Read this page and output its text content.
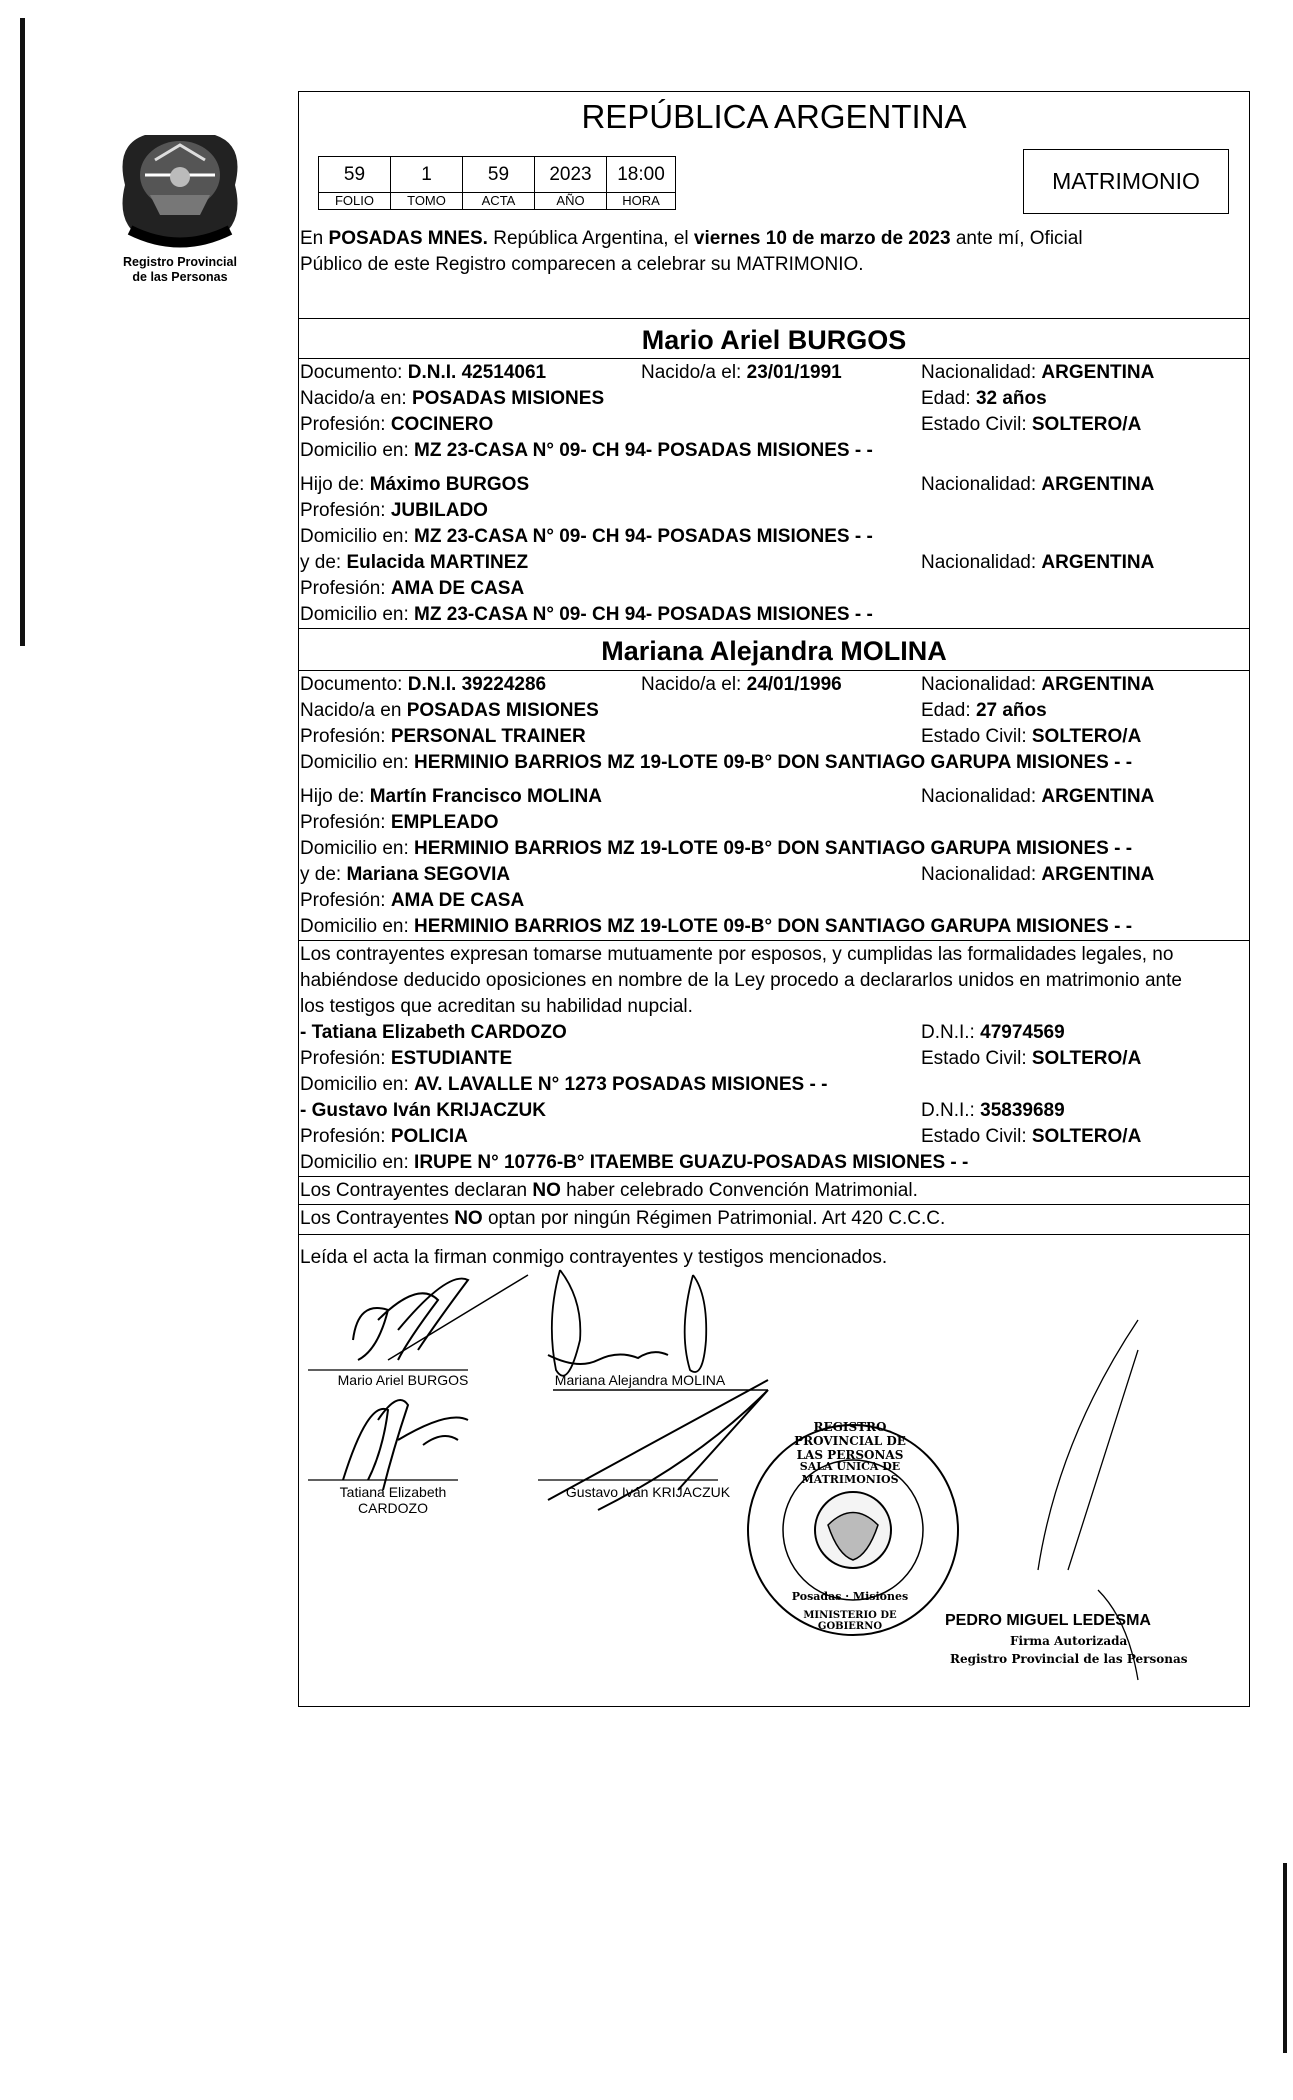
Registro Provincial
de las Personas
REPÚBLICA ARGENTINA
59	1	59	2023	18:00
FOLIO	TOMO	ACTA	AÑO	HORA
MATRIMONIO
En POSADAS MNES. República Argentina, el viernes 10 de marzo de 2023 ante mí, Oficial
Público de este Registro comparecen a celebrar su MATRIMONIO.
Mario Ariel BURGOS
Documento: D.N.I. 42514061	Nacido/a el: 23/01/1991	Nacionalidad: ARGENTINA
Nacido/a en: POSADAS MISIONES	Edad: 32 años
Profesión: COCINERO	Estado Civil: SOLTERO/A
Domicilio en: MZ 23-CASA N° 09- CH 94- POSADAS MISIONES - -
Hijo de: Máximo BURGOS	Nacionalidad: ARGENTINA
Profesión: JUBILADO
Domicilio en: MZ 23-CASA N° 09- CH 94- POSADAS MISIONES - -
y de: Eulacida MARTINEZ	Nacionalidad: ARGENTINA
Profesión: AMA DE CASA
Domicilio en: MZ 23-CASA N° 09- CH 94- POSADAS MISIONES - -
Mariana Alejandra MOLINA
Documento: D.N.I. 39224286	Nacido/a el: 24/01/1996	Nacionalidad: ARGENTINA
Nacido/a en POSADAS MISIONES	Edad: 27 años
Profesión: PERSONAL TRAINER	Estado Civil: SOLTERO/A
Domicilio en: HERMINIO BARRIOS MZ 19-LOTE 09-B° DON SANTIAGO GARUPA MISIONES - -
Hijo de: Martín Francisco MOLINA	Nacionalidad: ARGENTINA
Profesión: EMPLEADO
Domicilio en: HERMINIO BARRIOS MZ 19-LOTE 09-B° DON SANTIAGO GARUPA MISIONES - -
y de: Mariana SEGOVIA	Nacionalidad: ARGENTINA
Profesión: AMA DE CASA
Domicilio en: HERMINIO BARRIOS MZ 19-LOTE 09-B° DON SANTIAGO GARUPA MISIONES - -
Los contrayentes expresan tomarse mutuamente por esposos, y cumplidas las formalidades legales, no
habiéndose deducido oposiciones en nombre de la Ley procedo a declararlos unidos en matrimonio ante
los testigos que acreditan su habilidad nupcial.
- Tatiana Elizabeth CARDOZO	D.N.I.: 47974569
Profesión: ESTUDIANTE	Estado Civil: SOLTERO/A
Domicilio en: AV. LAVALLE N° 1273 POSADAS MISIONES - -
- Gustavo Iván KRIJACZUK	D.N.I.: 35839689
Profesión: POLICIA	Estado Civil: SOLTERO/A
Domicilio en: IRUPE N° 10776-B° ITAEMBE GUAZU-POSADAS MISIONES - -
Los Contrayentes declaran NO haber celebrado Convención Matrimonial.
Los Contrayentes NO optan por ningún Régimen Patrimonial. Art 420 C.C.C.
Leída el acta la firman conmigo contrayentes y testigos mencionados.
Mario Ariel BURGOS	Mariana Alejandra MOLINA
Tatiana Elizabeth
CARDOZO
Gustavo Iván KRIJACZUK
REGISTRO PROVINCIAL DE LAS PERSONAS
SALA UNICA DE MATRIMONIOS
Posadas · Misiones
MINISTERIO DE GOBIERNO	PEDRO MIGUEL LEDESMA
Firma Autorizada
Registro Provincial de las Personas
